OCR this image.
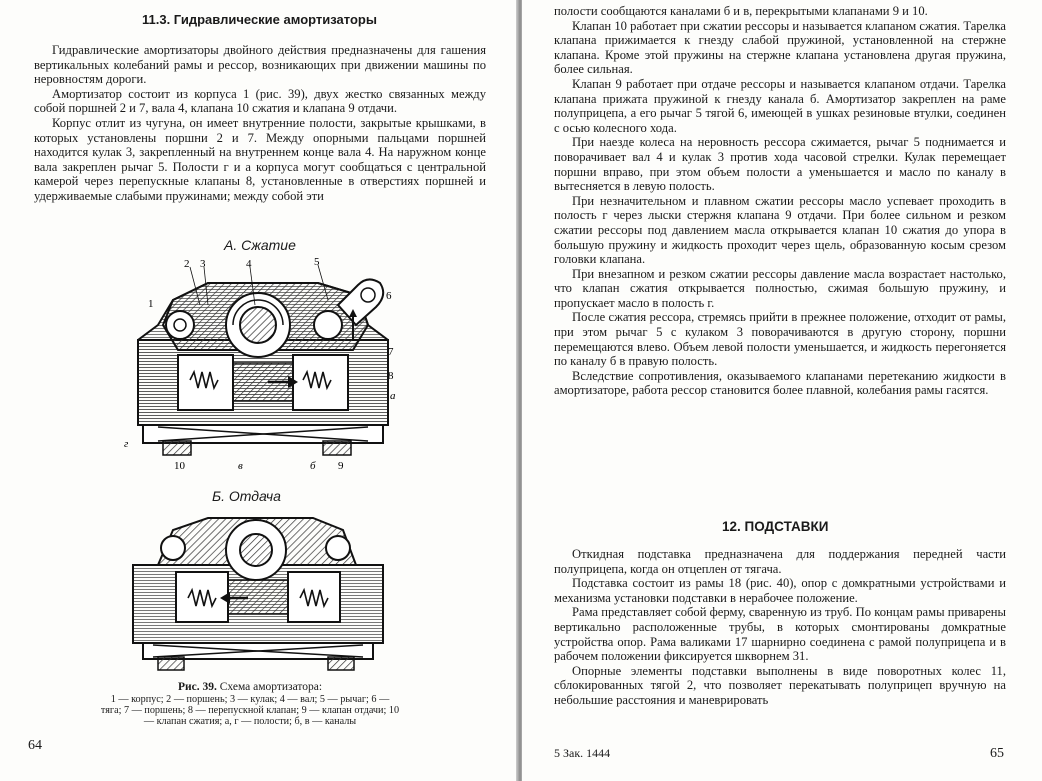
11.3. Гидравлические амортизаторы

Гидравлические амортизаторы двойного действия предназначены для гашения вертикальных колебаний рамы и рессор, возникающих при движении машины по неровностям дороги.

Амортизатор состоит из корпуса 1 (рис. 39), двух жестко связанных между собой поршней 2 и 7, вала 4, клапана 10 сжатия и клапана 9 отдачи.

Корпус отлит из чугуна, он имеет внутренние полости, закрытые крышками, в которых установлены поршни 2 и 7. Между опорными пальцами поршней находится кулак 3, закрепленный на внутреннем конце вала 4. На наружном конце вала закреплен рычаг 5. Полости г и а корпуса могут сообщаться с центральной камерой через перепускные клапаны 8, установленные в отверстиях поршней и удерживаемые слабыми пружинами; между собой эти

А. Сжатие
2 3	4	5
6
1
7
8
а
г
10	в	б 9
Б. Отдача
Рис. 39. Схема амортизатора:
1 — корпус; 2 — поршень; 3 — кулак; 4 — вал; 5 — рычаг; 6 — тяга; 7 — поршень; 8 — перепускной клапан; 9 — клапан отдачи; 10 — клапан сжатия; а, г — полости; б, в — каналы
64

полости сообщаются каналами б и в, перекрытыми клапанами 9 и 10.

Клапан 10 работает при сжатии рессоры и называется клапаном сжатия. Тарелка клапана прижимается к гнезду слабой пружиной, установленной на стержне клапана. Кроме этой пружины на стержне клапана установлена другая пружина, более сильная.

Клапан 9 работает при отдаче рессоры и называется клапаном отдачи. Тарелка клапана прижата пружиной к гнезду канала б. Амортизатор закреплен на раме полуприцепа, а его рычаг 5 тягой 6, имеющей в ушках резиновые втулки, соединен с осью колесного хода.

При наезде колеса на неровность рессора сжимается, рычаг 5 поднимается и поворачивает вал 4 и кулак 3 против хода часовой стрелки. Кулак перемещает поршни вправо, при этом объем полости а уменьшается и масло по каналу в вытесняется в левую полость.

При незначительном и плавном сжатии рессоры масло успевает проходить в полость г через лыски стержня клапана 9 отдачи. При более сильном и резком сжатии рессоры под давлением масла открывается клапан 10 сжатия до упора в большую пружину и жидкость проходит через щель, образованную косым срезом головки клапана.

При внезапном и резком сжатии рессоры давление масла возрастает настолько, что клапан сжатия открывается полностью, сжимая большую пружину, и пропускает масло в полость г.

После сжатия рессора, стремясь прийти в прежнее положение, отходит от рамы, при этом рычаг 5 с кулаком 3 поворачиваются в другую сторону, поршни перемещаются влево. Объем левой полости уменьшается, и жидкость перегоняется по каналу б в правую полость.

Вследствие сопротивления, оказываемого клапанами перетеканию жидкости в амортизаторе, работа рессор становится более плавной, колебания рамы гасятся.

12. ПОДСТАВКИ

Откидная подставка предназначена для поддержания передней части полуприцепа, когда он отцеплен от тягача.

Подставка состоит из рамы 18 (рис. 40), опор с домкратными устройствами и механизма установки подставки в нерабочее положение.

Рама представляет собой ферму, сваренную из труб. По концам рамы приварены вертикально расположенные трубы, в которых смонтированы домкратные устройства опор. Рама валиками 17 шарнирно соединена с рамой полуприцепа и в рабочем положении фиксируется шкворнем 31.

Опорные элементы подставки выполнены в виде поворотных колес 11, сблокированных тягой 2, что позволяет перекатывать полуприцеп вручную на небольшие расстояния и маневрировать

5 Зак. 1444	65
